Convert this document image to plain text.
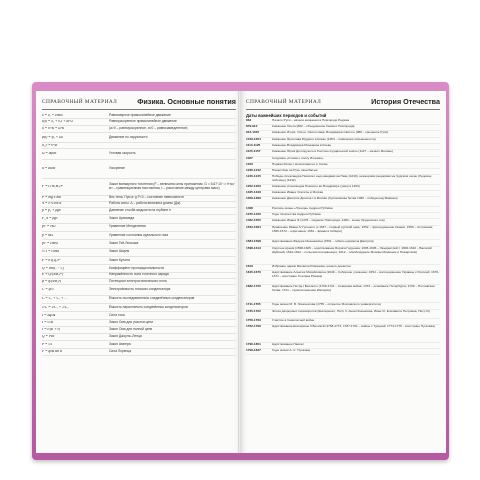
СПРАВОЧНЫЙ МАТЕРИАЛ	Физика. Основные понятия
υ = υ₀ = const	Равномерное прямолинейное движение
x(t) = x₀ + υ₀t + at²/2	Равноускоренное прямолинейное движение
a = υ²/R = ω²R	(a>0 – равноускоренное, a<0 – равнозамедленное)
φ(t) = φ₀ + ωt	Движение по окружности
a_c = υ²/R
ω = dφ/dt	Угловая скорость
a = dυ/dt	Ускорение
F = G·m₁m₂/r²	Закон всемирного тяготения (F – величина силы притяжения, G = 6,67·10⁻¹¹ Н·м²/кг² – гравитационная постоянная, r – расстояние между центрами масс)
P = mg ± ma	Вес тела. При a↑g P=0 – состояние невесомости
A = F·s·cos α	Работа силы. Δ – работа величина длины (Дж)
p = p₀ + ρgh	Давление столба жидкости на глубине h
F_A = ρgV	Закон Архимеда
pV = νRT	Уравнение Менделеева
p = nkT	Уравнение состояния идеального газа
pV = const	Закон Гей-Люссака
V/T = const	Закон Шарля
F = k·q₁q₂/r²	Закон Кулона
Q = cm(t₂ − t₁)	Коэффициент пропорциональности
E = Q/(4πε₀r²)	Напряжённость поля точечного заряда
φ = q/(4πε₀r)	Потенциал электростатического поля
C = q/U	Электроёмкость плоского конденсатора
C = C₁ + C₂ + …	Ёмкость последовательно соединённых конденсаторов
1/C = 1/C₁ + 1/C₂	Ёмкость параллельно соединённых конденсаторов
I = Δq/Δt	Сила тока
I = U/R	Закон Ома для участка цепи
I = ε/(R + r)	Закон Ома для полной цепи
Q = I²Rt	Закон Джоуля–Ленца
P = UI	Закон Ампера
F = qυB sin α	Сила Лоренца
СПРАВОЧНЫЙ МАТЕРИАЛ	История Отечества
Даты важнейших периодов и событий
862	Начало Руси – начало княжения в Новгороде Рюрика
879-912	Княжение Олега (882 – объединение Киева и Новгорода)
912-1015	Княжение Игоря, Ольги, Святослава, Владимира Святого (988 – крещение Руси)
1019-1054	Княжение Ярослава Мудрого в Киеве (1054 – появление письменности)
1113-1125	Княжение Владимира Мономаха в Киеве
1125-1157	Княжение Юрия Долгорукого в Ростово-Суздальской земле (1147 – начало Москвы)
1187	Создание «Слова о полку Игореве»
1223	Первая битва с монголами на р. Калке
1236-1242	Нашествие на Русь хана Батыя
1240-1245	Победы Александра Невского над шведами на Неве (1240), немецкими рыцарями на Чудском озере (Ледовое побоище) (1242)
1252-1263	Княжение Александра Невского во Владимире (умер в 1263)
1325-1340	Княжение Ивана I Калиты в Москве
1359-1389	Княжение Дмитрия Донского в Москве (Куликовская битва 1380 – победа над Мамаем)
1408	Роспись иконы «Троица» Андрея Рублёва
1370-1430	Годы творчества Андрея Рублёва
1462-1505	Княжение Ивана III (1478 – падение Новгорода; 1480 – конец Ордынского ига)
1533-1584	Правление Ивана IV Грозного (с 1547 – первый русский царь; 1552 – присоединение Казани, 1556 – Астрахани; 1565-1572 – опричнина; 1581 – Ермак в Сибири)
1584-1598	Царствование Фёдора Иоанновича (1591 – гибель царевича Дмитрия)
1598-1613	Смутное время (1598-1605 – царствование Бориса Годунова; 1605-1606 – Лжедмитрий I; 1606-1610 – Василий Шуйский; 1610-1612 – польская интервенция; 1612 – освобождение Москвы Мининым и Пожарским)
1613	Избрание царём Михаила Романова, начало династии
1645-1676	Царствование Алексея Михайловича (1649 – Соборное уложение; 1654 – воссоединение Украины с Россией; 1670-1671 – восстание Степана Разина)
1682-1725	Царствование Петра I Великого (1700-1721 – Северная война; 1703 – основание Петербурга; 1709 – Полтавская битва; 1721 – провозглашение Империи)
1711-1765	Годы жизни М. В. Ломоносова (1755 – открытие Московского университета)
1725-1762	Эпоха дворцовых переворотов (Екатерина I, Пётр II, Анна Иоанновна, Иван VI, Елизавета Петровна, Пётр III)
1756-1763	Участие в Семилетней войне
1762-1796	Царствование Екатерины II Великой (1768-1774, 1787-1791 – войны с Турцией; 1773-1775 – восстание Пугачёва)
1796-1801	Царствование Павла I
1799-1837	Годы жизни А. С. Пушкина
